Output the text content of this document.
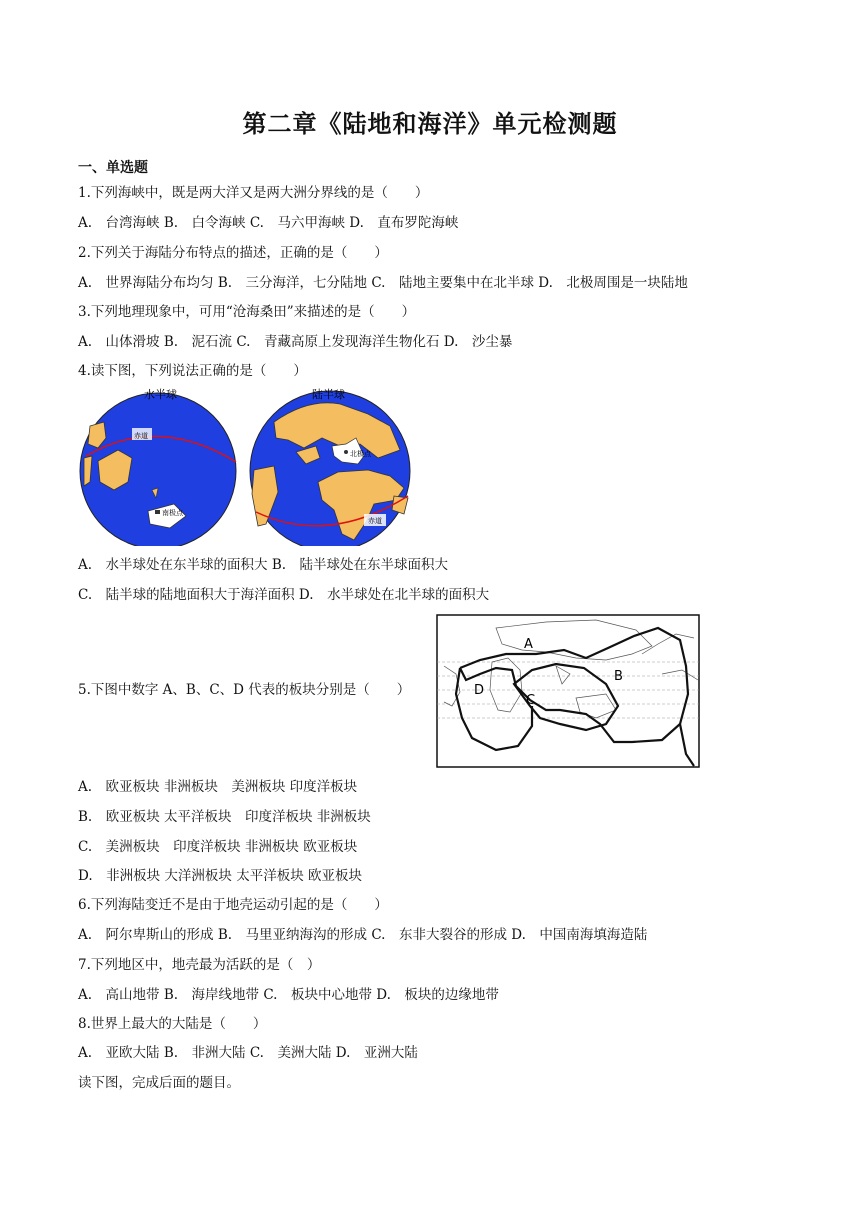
第二章《陆地和海洋》单元检测题
一、单选题
1.下列海峡中，既是两大洋又是两大洲分界线的是（　　）
A.　台湾海峡 B.　白令海峡 C.　马六甲海峡 D.　直布罗陀海峡
2.下列关于海陆分布特点的描述，正确的是（　　）
A.　世界海陆分布均匀 B.　三分海洋，七分陆地 C.　陆地主要集中在北半球 D.　北极周围是一块陆地
3.下列地理现象中，可用“沧海桑田”来描述的是（　　）
A.　山体滑坡 B.　泥石流 C.　青藏高原上发现海洋生物化石 D.　沙尘暴
4.读下图，下列说法正确的是（　　）
水半球
赤道
南极点
陆半球
北极点
赤道
A.　水半球处在东半球的面积大 B.　陆半球处在东半球面积大
C.　陆半球的陆地面积大于海洋面积 D.　水半球处在北半球的面积大
A
B
C
D
5.下图中数字 A、B、C、D 代表的板块分别是（　　）
A.　欧亚板块 非洲板块　美洲板块 印度洋板块
B.　欧亚板块 太平洋板块　印度洋板块 非洲板块
C.　美洲板块　印度洋板块 非洲板块 欧亚板块
D.　非洲板块 大洋洲板块 太平洋板块 欧亚板块
6.下列海陆变迁不是由于地壳运动引起的是（　　）
A.　阿尔卑斯山的形成 B.　马里亚纳海沟的形成 C.　东非大裂谷的形成 D.　中国南海填海造陆
7.下列地区中，地壳最为活跃的是（　）
A.　高山地带 B.　海岸线地带 C.　板块中心地带 D.　板块的边缘地带
8.世界上最大的大陆是（　　）
A.　亚欧大陆 B.　非洲大陆 C.　美洲大陆 D.　亚洲大陆
读下图，完成后面的题目。
